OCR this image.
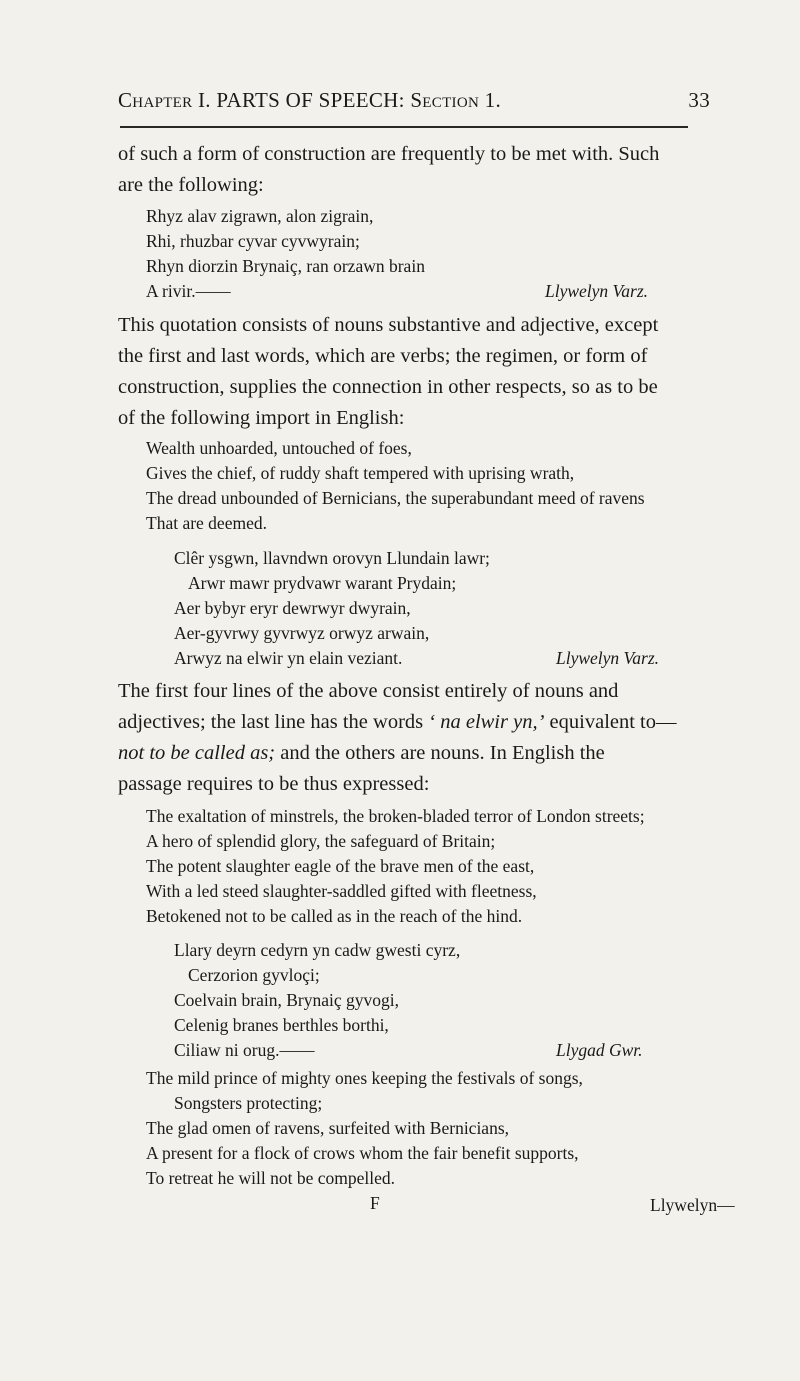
Chapter I. PARTS OF SPEECH: Section 1.	33
of such a form of construction are frequently to be met with. Such
are the following:
Rhyz alav zigrawn, alon zigrain,
Rhi, rhuzbar cyvar cyvwyrain;
Rhyn diorzin Brynaiç, ran orzawn brain
A rivir.——	Llywelyn Varz.
This quotation consists of nouns substantive and adjective, except
the first and last words, which are verbs; the regimen, or form of
construction, supplies the connection in other respects, so as to be
of the following import in English:
Wealth unhoarded, untouched of foes,
Gives the chief, of ruddy shaft tempered with uprising wrath,
The dread unbounded of Bernicians, the superabundant meed of ravens
That are deemed.
Clêr ysgwn, llavndwn orovyn Llundain lawr;
Arwr mawr prydvawr warant Prydain;
Aer bybyr eryr dewrwyr dwyrain,
Aer-gyvrwy gyvrwyz orwyz arwain,
Arwyz na elwir yn elain veziant.	Llywelyn Varz.
The first four lines of the above consist entirely of nouns and
adjectives; the last line has the words ‘ na elwir yn,’ equivalent to—
not to be called as; and the others are nouns. In English the
passage requires to be thus expressed:
The exaltation of minstrels, the broken-bladed terror of London streets;
A hero of splendid glory, the safeguard of Britain;
The potent slaughter eagle of the brave men of the east,
With a led steed slaughter-saddled gifted with fleetness,
Betokened not to be called as in the reach of the hind.
Llary deyrn cedyrn yn cadw gwesti cyrz,
Cerzorion gyvloçi;
Coelvain brain, Brynaiç gyvogi,
Celenig branes berthles borthi,
Ciliaw ni orug.——	Llygad Gwr.
The mild prince of mighty ones keeping the festivals of songs,
Songsters protecting;
The glad omen of ravens, surfeited with Bernicians,
A present for a flock of crows whom the fair benefit supports,
To retreat he will not be compelled.
F	Llywelyn—
